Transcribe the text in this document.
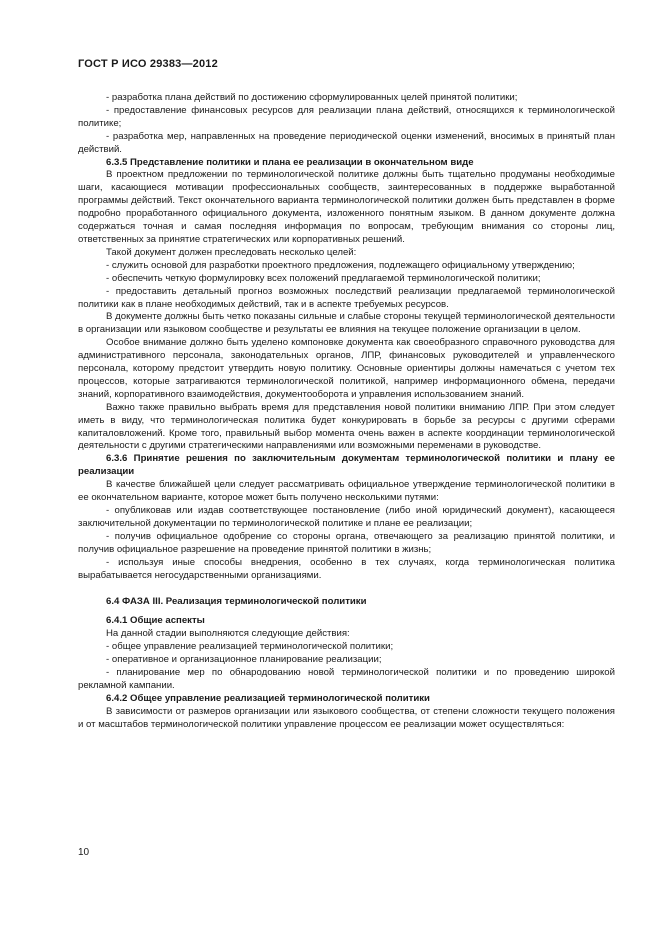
ГОСТ Р ИСО 29383—2012

- разработка плана действий по достижению сформулированных целей принятой политики;

- предоставление финансовых ресурсов для реализации плана действий, относящихся к терминологической политике;

- разработка мер, направленных на проведение периодической оценки изменений, вносимых в принятый план действий.

6.3.5 Представление политики и плана ее реализации в окончательном виде

В проектном предложении по терминологической политике должны быть тщательно продуманы необходимые шаги, касающиеся мотивации профессиональных сообществ, заинтересованных в поддержке выработанной программы действий. Текст окончательного варианта терминологической политики должен быть представлен в форме подробно проработанного официального документа, изложенного понятным языком. В данном документе должна содержаться точная и самая последняя информация по вопросам, требующим внимания со стороны лиц, ответственных за принятие стратегических или корпоративных решений.

Такой документ должен преследовать несколько целей:

- служить основой для разработки проектного предложения, подлежащего официальному утверждению;

- обеспечить четкую формулировку всех положений предлагаемой терминологической политики;

- предоставить детальный прогноз возможных последствий реализации предлагаемой терминологической политики как в плане необходимых действий, так и в аспекте требуемых ресурсов.

В документе должны быть четко показаны сильные и слабые стороны текущей терминологической деятельности в организации или языковом сообществе и результаты ее влияния на текущее положение организации в целом.

Особое внимание должно быть уделено компоновке документа как своеобразного справочного руководства для административного персонала, законодательных органов, ЛПР, финансовых руководителей и управленческого персонала, которому предстоит утвердить новую политику. Основные ориентиры должны намечаться с учетом тех процессов, которые затрагиваются терминологической политикой, например информационного обмена, передачи знаний, корпоративного взаимодействия, документооборота и управления использованием знаний.

Важно также правильно выбрать время для представления новой политики вниманию ЛПР. При этом следует иметь в виду, что терминологическая политика будет конкурировать в борьбе за ресурсы с другими сферами капиталовложений. Кроме того, правильный выбор момента очень важен в аспекте координации терминологической деятельности с другими стратегическими направлениями или возможными переменами в руководстве.

6.3.6 Принятие решения по заключительным документам терминологической политики и плану ее реализации

В качестве ближайшей цели следует рассматривать официальное утверждение терминологической политики в ее окончательном варианте, которое может быть получено несколькими путями:

- опубликовав или издав соответствующее постановление (либо иной юридический документ), касающееся заключительной документации по терминологической политике и плане ее реализации;

- получив официальное одобрение со стороны органа, отвечающего за реализацию принятой политики, и получив официальное разрешение на проведение принятой политики в жизнь;

- используя иные способы внедрения, особенно в тех случаях, когда терминологическая политика вырабатывается негосударственными организациями.

6.4 ФАЗА III. Реализация терминологической политики

6.4.1 Общие аспекты

На данной стадии выполняются следующие действия:

- общее управление реализацией терминологической политики;

- оперативное и организационное планирование реализации;

- планирование мер по обнародованию новой терминологической политики и по проведению широкой рекламной кампании.

6.4.2 Общее управление реализацией терминологической политики

В зависимости от размеров организации или языкового сообщества, от степени сложности текущего положения и от масштабов терминологической политики управление процессом ее реализации может осуществляться:

10
